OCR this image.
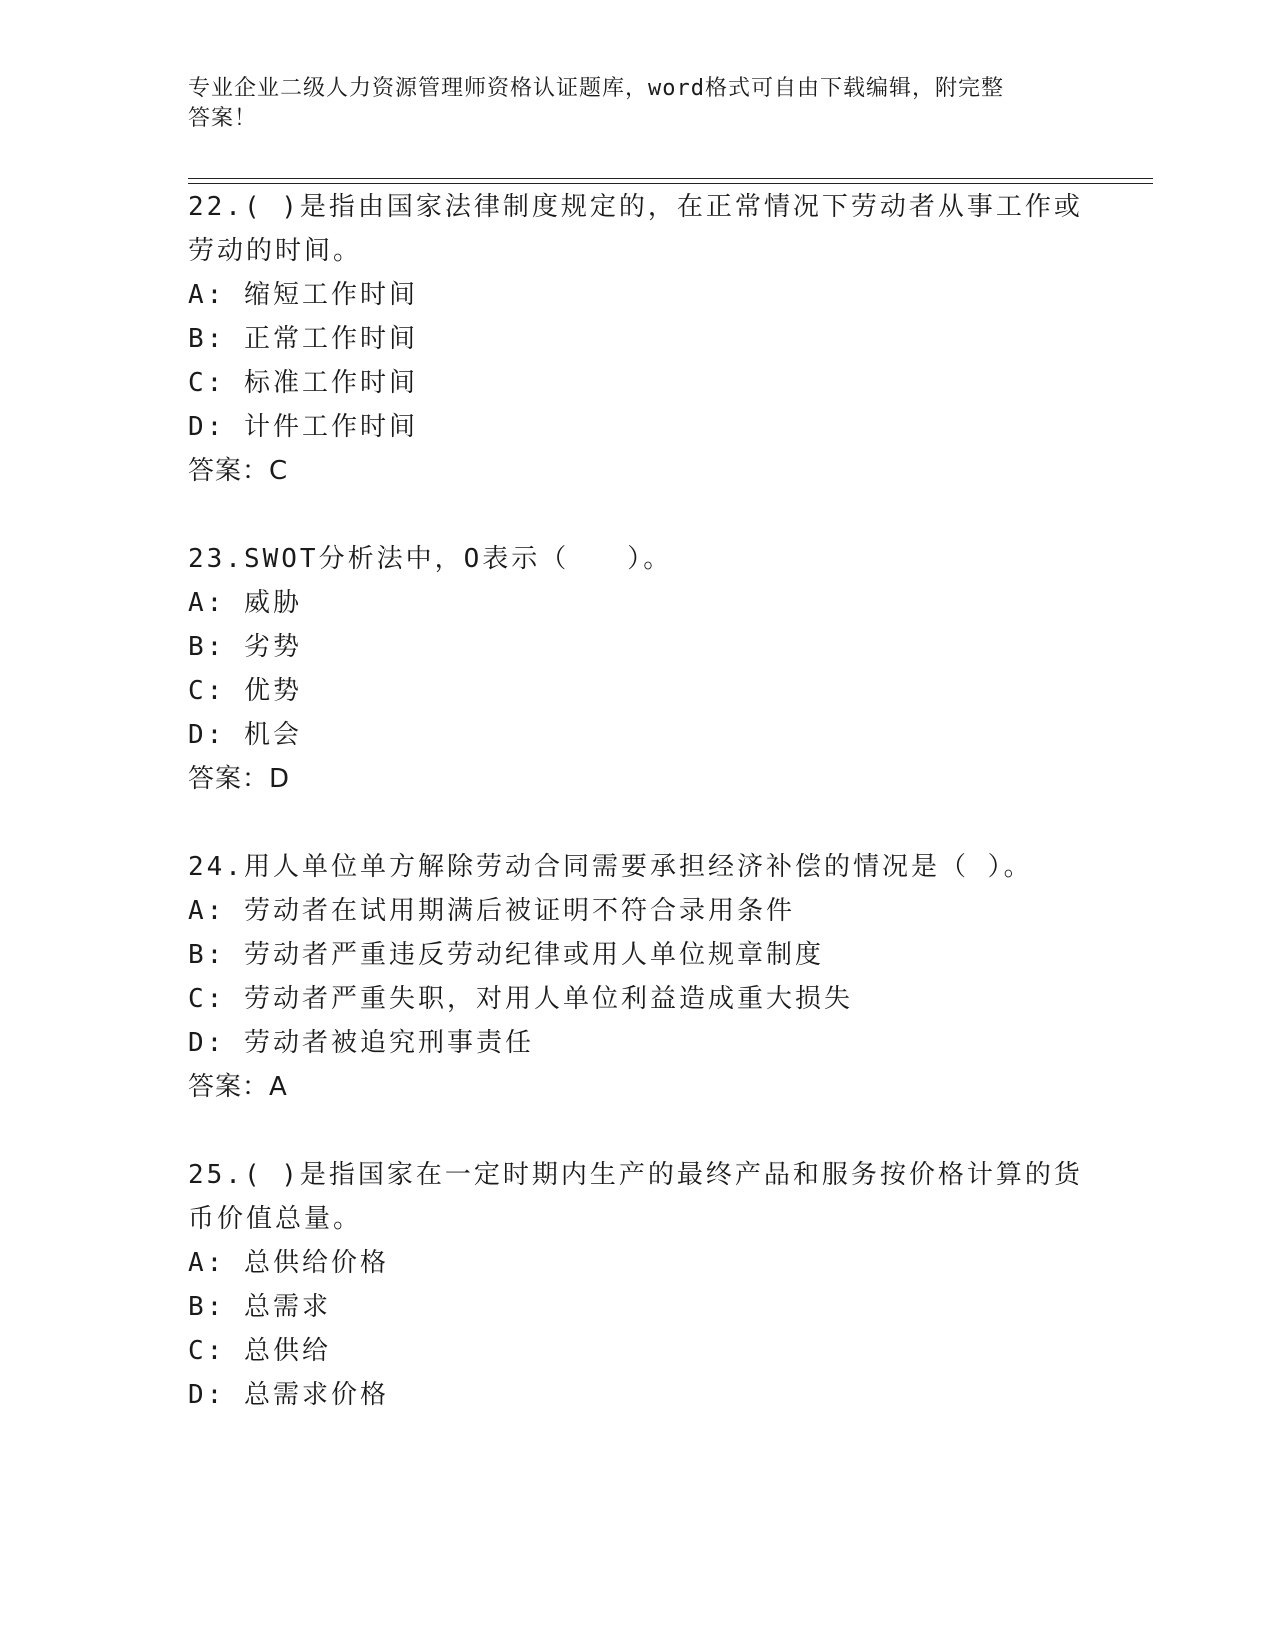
专业企业二级人力资源管理师资格认证题库，word格式可自由下载编辑，附完整
答案！
22.( )是指由国家法律制度规定的，在正常情况下劳动者从事工作或
劳动的时间。
A: 缩短工作时间
B: 正常工作时间
C: 标准工作时间
D: 计件工作时间
答案：C
23.SWOT分析法中，O表示（　　）。
A: 威胁
B: 劣势
C: 优势
D: 机会
答案：D
24.用人单位单方解除劳动合同需要承担经济补偿的情况是（ ）。
A: 劳动者在试用期满后被证明不符合录用条件
B: 劳动者严重违反劳动纪律或用人单位规章制度
C: 劳动者严重失职，对用人单位利益造成重大损失
D: 劳动者被追究刑事责任
答案：A
25.( )是指国家在一定时期内生产的最终产品和服务按价格计算的货
币价值总量。
A: 总供给价格
B: 总需求
C: 总供给
D: 总需求价格
